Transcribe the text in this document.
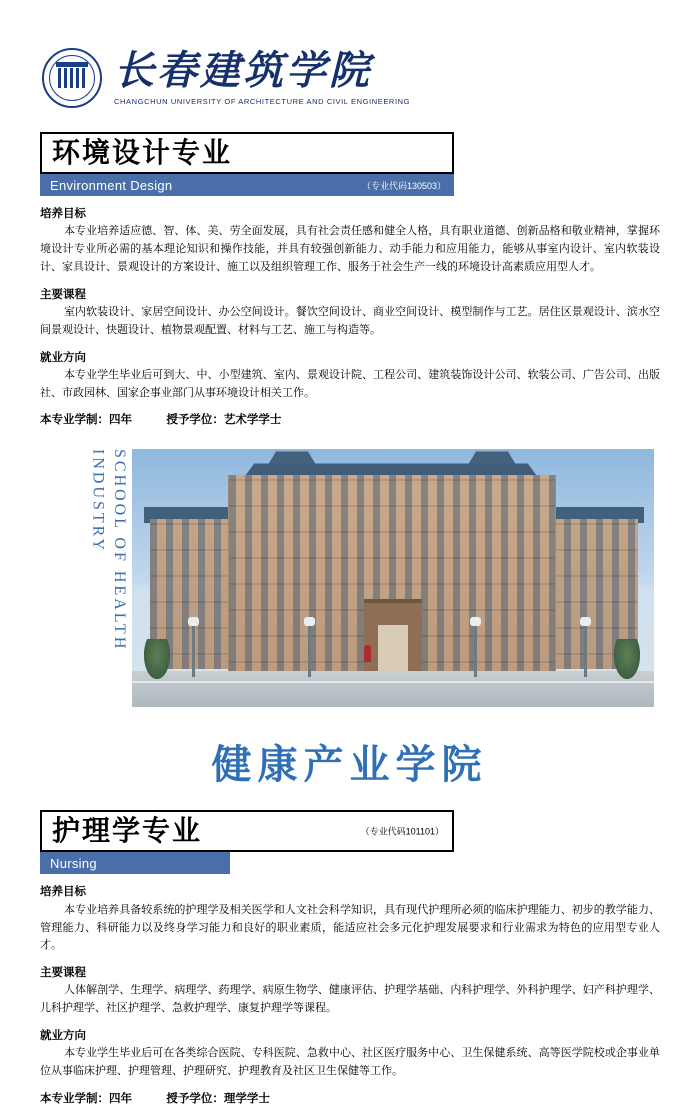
长春建筑学院
CHANGCHUN UNIVERSITY OF ARCHITECTURE AND CIVIL ENGINEERING
环境设计专业
Environment Design	（专业代码130503）
培养目标
本专业培养适应德、智、体、美、劳全面发展，具有社会责任感和健全人格，具有职业道德、创新品格和敬业精神，掌握环境设计专业所必需的基本理论知识和操作技能，并具有较强创新能力、动手能力和应用能力，能够从事室内设计、室内软装设计、家具设计、景观设计的方案设计、施工以及组织管理工作、服务于社会生产一线的环境设计高素质应用型人才。
主要课程
室内软装设计、家居空间设计、办公空间设计。餐饮空间设计、商业空间设计、模型制作与工艺。居住区景观设计、滨水空间景观设计、快题设计、植物景观配置、材料与工艺、施工与构造等。
就业方向
本专业学生毕业后可到大、中、小型建筑、室内、景观设计院、工程公司、建筑装饰设计公司、软装公司、广告公司、出版社、市政园林、国家企事业部门从事环境设计相关工作。
本专业学制：四年	授予学位：艺术学学士
SCHOOL OF HEALTH INDUSTRY
健康产业学院
护理学专业	（专业代码101101）
Nursing
培养目标
本专业培养具备较系统的护理学及相关医学和人文社会科学知识，具有现代护理所必须的临床护理能力、初步的教学能力、管理能力、科研能力以及终身学习能力和良好的职业素质，能适应社会多元化护理发展要求和行业需求为特色的应用型专业人才。
主要课程
人体解剖学、生理学、病理学、药理学、病原生物学、健康评估、护理学基础、内科护理学、外科护理学、妇产科护理学、儿科护理学、社区护理学、急救护理学、康复护理学等课程。
就业方向
本专业学生毕业后可在各类综合医院、专科医院、急救中心、社区医疗服务中心、卫生保健系统、高等医学院校或企事业单位从事临床护理、护理管理、护理研究、护理教育及社区卫生保健等工作。
本专业学制：四年	授予学位：理学学士
